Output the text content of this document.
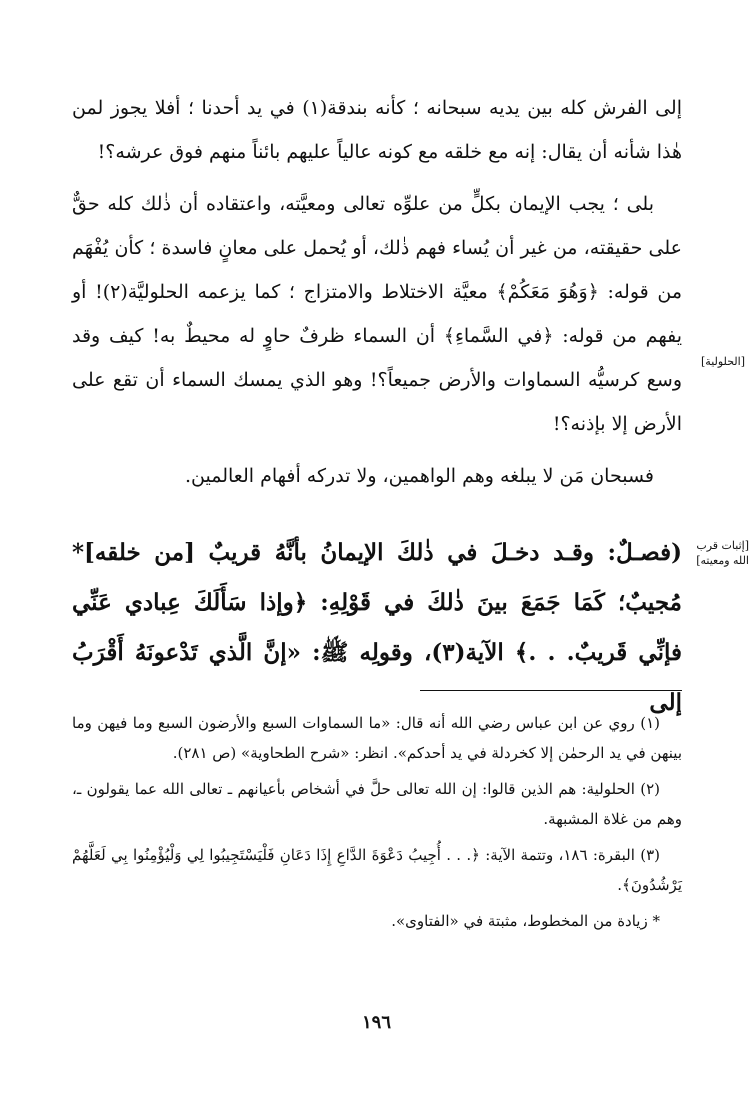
إلى الفرش كله بين يديه سبحانه ؛ كأنه بندقة(١) في يد أحدنا ؛ أفلا يجوز لمن هٰذا شأنه أن يقال: إنه مع خلقه مع كونه عالياً عليهم بائناً منهم فوق عرشه؟!

بلى ؛ يجب الإيمان بكلٍّ من علوِّه تعالى ومعيَّته، واعتقاده أن ذٰلك كله حقٌّ على حقيقته، من غير أن يُساء فهم ذٰلك، أو يُحمل على معانٍ فاسدة ؛ كأن يُفْهَم من قوله: ﴿وَهُوَ مَعَكُمْ﴾ معيَّة الاختلاط والامتزاج ؛ كما يزعمه الحلوليَّة(٢)! أو يفهم من قوله: ﴿في السَّماءِ﴾ أن السماء ظرفٌ حاوٍ له محيطٌ به! كيف وقد وسع كرسيُّه السماوات والأرض جميعاً؟! وهو الذي يمسك السماء أن تقع على الأرض إلا بإذنه؟!

فسبحان مَن لا يبلغه وهم الواهمين، ولا تدركه أفهام العالمين.

[الحلولية]
[إثبات قرب الله ومعيته]

(فصـلٌ: وقـد دخـلَ في ذٰلكَ الإيمانُ بأنَّهُ قريبٌ [من خلقه]* مُجيبٌ؛ كَمَا جَمَعَ بينَ ذٰلكَ في قَوْلِهِ: ﴿وإذا سَأَلَكَ عِبادي عَنِّي فإنِّي قَريبٌ. . .﴾ الآية(٣)، وقولِه ﷺ: «إنَّ الَّذي تَدْعونَهُ أَقْرَبُ إلى

(١) روي عن ابن عباس رضي الله أنه قال: «ما السماوات السبع والأرضون السبع وما فيهن وما بينهن في يد الرحمٰن إلا كخردلة في يد أحدكم». انظر: «شرح الطحاوية» (ص ٢٨١).

(٢) الحلولية: هم الذين قالوا: إن الله تعالى حلَّ في أشخاص بأعيانهم ـ تعالى الله عما يقولون ـ، وهم من غلاة المشبهة.

(٣) البقرة: ١٨٦، وتتمة الآية: ﴿. . . أُجِيبُ دَعْوَةَ الدَّاعِ إِذَا دَعَانِ فَلْيَسْتَجِيبُوا لِي وَلْيُؤْمِنُوا بِي لَعَلَّهُمْ يَرْشُدُونَ﴾.

* زيادة من المخطوط، مثبتة في «الفتاوى».

١٩٦
